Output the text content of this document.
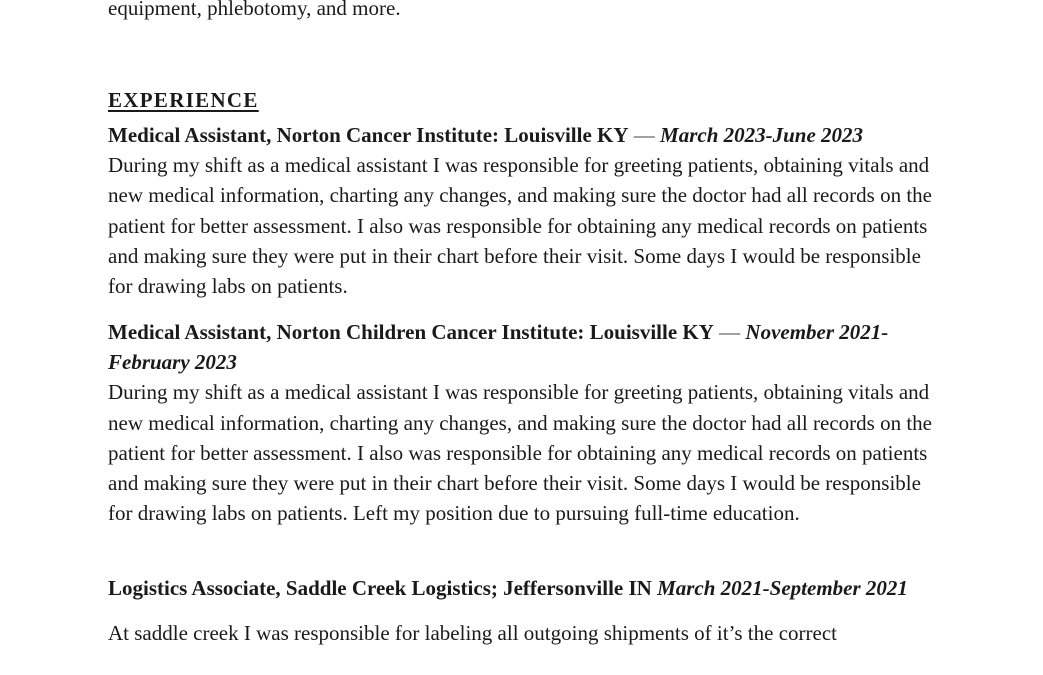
equipment, phlebotomy, and more.

EXPERIENCE

Medical Assistant, Norton Cancer Institute: Louisville KY — March 2023-June 2023

During my shift as a medical assistant I was responsible for greeting patients, obtaining vitals and new medical information, charting any changes, and making sure the doctor had all records on the patient for better assessment. I also was responsible for obtaining any medical records on patients and making sure they were put in their chart before their visit. Some days I would be responsible for drawing labs on patients.

Medical Assistant, Norton Children Cancer Institute: Louisville KY — November 2021-February 2023

During my shift as a medical assistant I was responsible for greeting patients, obtaining vitals and new medical information, charting any changes, and making sure the doctor had all records on the patient for better assessment. I also was responsible for obtaining any medical records on patients and making sure they were put in their chart before their visit. Some days I would be responsible for drawing labs on patients. Left my position due to pursuing full-time education.

Logistics Associate, Saddle Creek Logistics; Jeffersonville IN March 2021-September 2021

At saddle creek I was responsible for labeling all outgoing shipments of it’s the correct
